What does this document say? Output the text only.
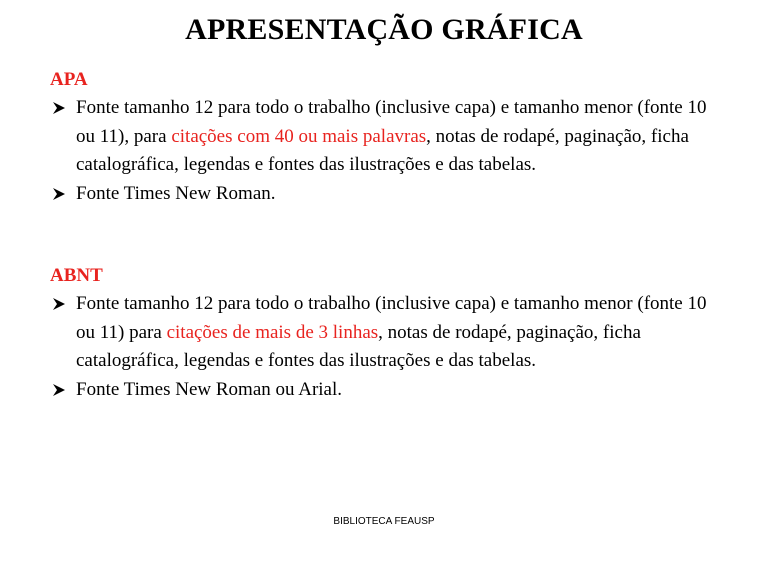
APRESENTAÇÃO GRÁFICA

APA

Fonte tamanho 12 para todo o trabalho (inclusive capa) e tamanho menor (fonte 10 ou 11), para citações com 40 ou mais palavras, notas de rodapé, paginação, ficha catalográfica, legendas e fontes das ilustrações e das tabelas.
Fonte Times New Roman.

ABNT

Fonte tamanho 12 para todo o trabalho (inclusive capa) e tamanho menor (fonte 10 ou 11) para citações de mais de 3 linhas, notas de rodapé, paginação, ficha catalográfica, legendas e fontes das ilustrações e das tabelas.
Fonte Times New Roman ou Arial.
BIBLIOTECA FEAUSP
